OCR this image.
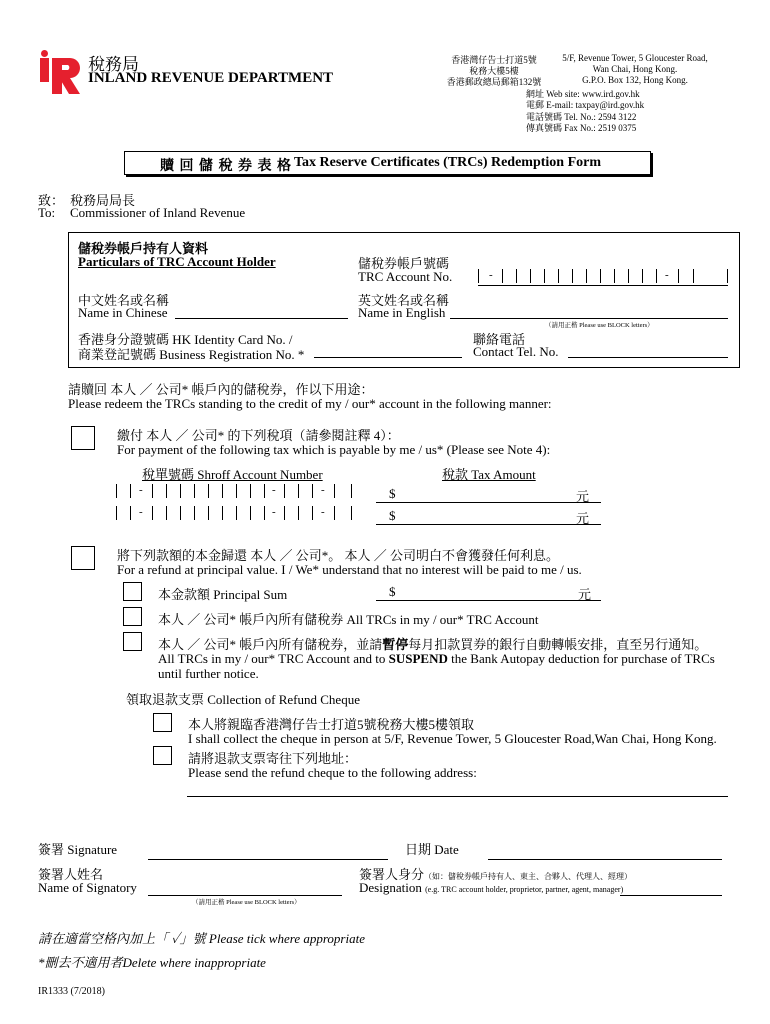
稅務局
INLAND REVENUE DEPARTMENT
香港灣仔告士打道5號
稅務大樓5樓
香港郵政總局郵箱132號
5/F, Revenue Tower, 5 Gloucester Road,
Wan Chai, Hong Kong.
G.P.O. Box 132, Hong Kong.
網址 Web site: www.ird.gov.hk
電郵 E-mail: taxpay@ird.gov.hk
電話號碼 Tel. No.: 2594 3122
傳真號碼 Fax No.: 2519 0375
贖 回 儲 稅 券 表 格 Tax Reserve Certificates (TRCs) Redemption Form
致： 稅務局局長
To: Commissioner of Inland Revenue
儲稅券帳戶持有人資料
Particulars of TRC Account Holder	儲稅券帳戶號碼
TRC Account No.	-	-
中文姓名或名稱
Name in Chinese
英文姓名或名稱
Name in English
（請用正楷 Please use BLOCK letters）
香港身分證號碼 HK Identity Card No. /
商業登記號碼 Business Registration No. *
聯絡電話
Contact Tel. No.
請贖回 本人 ／ 公司* 帳戶內的儲稅券，作以下用途：
Please redeem the TRCs standing to the credit of my / our* account in the following manner:
繳付 本人 ／ 公司* 的下列稅項（請參閱註釋 4）：
For payment of the following tax which is payable by me / us* (Please see Note 4):
稅單號碼 Shroff Account Number	稅款 Tax Amount
-	-	-	$	元
-	-	-	$	元
將下列款額的本金歸還 本人 ／ 公司*。 本人 ／ 公司明白不會獲發任何利息。
For a refund at principal value. I / We* understand that no interest will be paid to me / us.
本金款額 Principal Sum	$	元
本人 ／ 公司* 帳戶內所有儲稅券 All TRCs in my / our* TRC Account
本人 ／ 公司* 帳戶內所有儲稅券，並請暫停每月扣款買券的銀行自動轉帳安排，直至另行通知。
All TRCs in my / our* TRC Account and to SUSPEND the Bank Autopay deduction for purchase of TRCs
until further notice.
領取退款支票 Collection of Refund Cheque
本人將親臨香港灣仔告士打道5號稅務大樓5樓領取
I shall collect the cheque in person at 5/F, Revenue Tower, 5 Gloucester Road,Wan Chai, Hong Kong.
請將退款支票寄往下列地址：
Please send the refund cheque to the following address:
簽署 Signature	日期 Date
簽署人姓名
Name of Signatory
（請用正楷 Please use BLOCK letters）
簽署人身分（如：儲稅券帳戶持有人、東主、合夥人、代理人、經理）
Designation (e.g. TRC account holder, proprietor, partner, agent, manager)
請在適當空格內加上「 ✓」號 Please tick where appropriate
*刪去不適用者Delete where inappropriate
IR1333 (7/2018)
